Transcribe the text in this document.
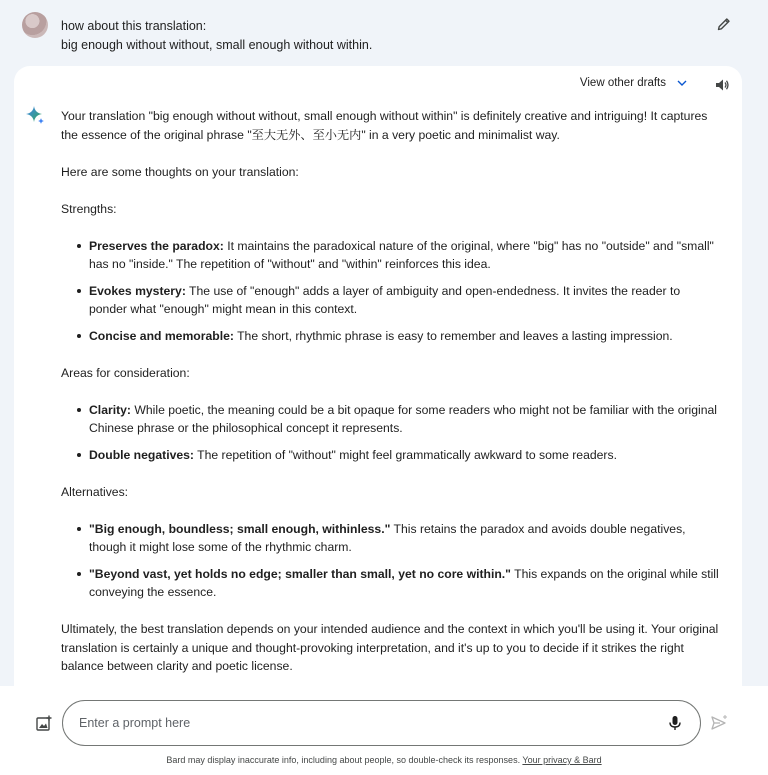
how about this translation:
big enough without without, small enough without within.
View other drafts

Your translation "big enough without without, small enough without within" is definitely creative and intriguing! It captures the essence of the original phrase "至大无外、至小无内" in a very poetic and minimalist way.

Here are some thoughts on your translation:

Strengths:

Preserves the paradox: It maintains the paradoxical nature of the original, where "big" has no "outside" and "small" has no "inside." The repetition of "without" and "within" reinforces this idea.
Evokes mystery: The use of "enough" adds a layer of ambiguity and open-endedness. It invites the reader to ponder what "enough" might mean in this context.
Concise and memorable: The short, rhythmic phrase is easy to remember and leaves a lasting impression.

Areas for consideration:

Clarity: While poetic, the meaning could be a bit opaque for some readers who might not be familiar with the original Chinese phrase or the philosophical concept it represents.
Double negatives: The repetition of "without" might feel grammatically awkward to some readers.

Alternatives:

"Big enough, boundless; small enough, withinless." This retains the paradox and avoids double negatives, though it might lose some of the rhythmic charm.
"Beyond vast, yet holds no edge; smaller than small, yet no core within." This expands on the original while still conveying the essence.

Ultimately, the best translation depends on your intended audience and the context in which you'll be using it. Your original translation is certainly a unique and thought-provoking interpretation, and it's up to you to decide if it strikes the right balance between clarity and poetic license.

Enter a prompt here
Bard may display inaccurate info, including about people, so double-check its responses. Your privacy & Bard
